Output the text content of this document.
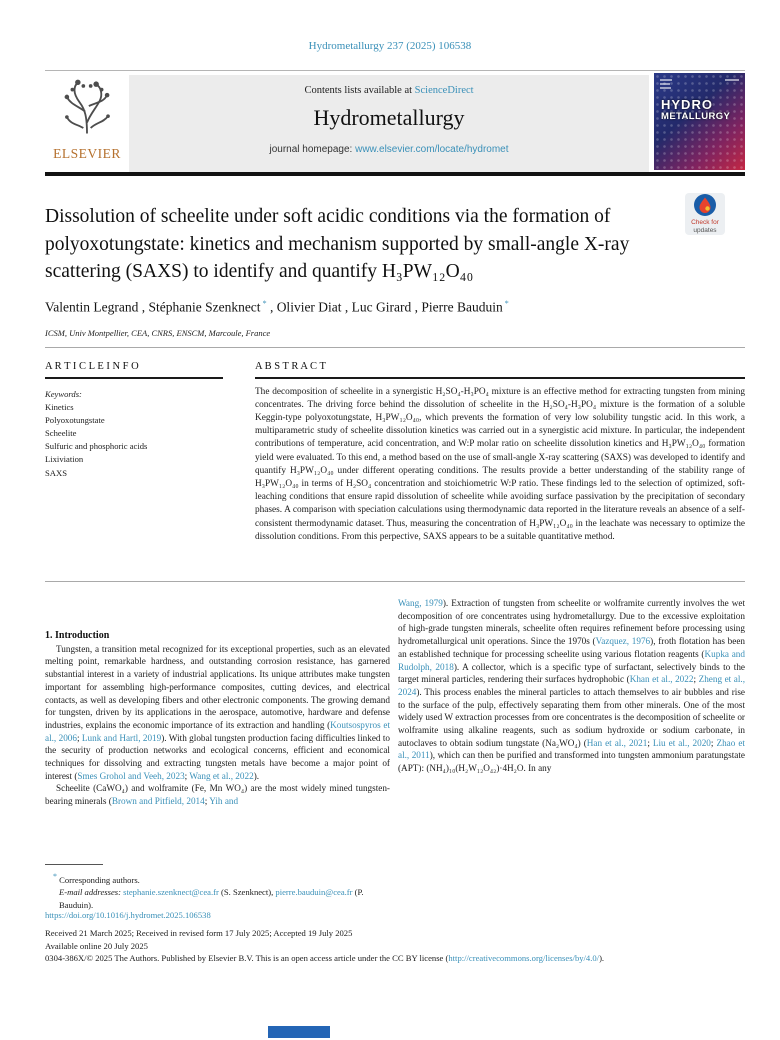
Hydrometallurgy 237 (2025) 106538
ELSEVIER
Contents lists available at ScienceDirect
Hydrometallurgy
journal homepage: www.elsevier.com/locate/hydromet
HYDRO
METALLURGY
Dissolution of scheelite under soft acidic conditions via the formation of polyoxotungstate: kinetics and mechanism supported by small-angle X-ray scattering (SAXS) to identify and quantify H₃PW₁₂O₄₀
Check for
updates
Valentin Legrand , Stéphanie Szenknect * , Olivier Diat , Luc Girard , Pierre Bauduin *
ICSM, Univ Montpellier, CEA, CNRS, ENSCM, Marcoule, France
A R T I C L E I N F O
Keywords:
Kinetics
Polyoxotungstate
Scheelite
Sulfuric and phosphoric acids
Lixiviation
SAXS
A B S T R A C T
The decomposition of scheelite in a synergistic H₂SO₄-H₃PO₄ mixture is an effective method for extracting tungsten from mining concentrates. The driving force behind the dissolution of scheelite in the H₂SO₄-H₃PO₄ mixture is the formation of a soluble Keggin-type polyoxotungstate, H₃PW₁₂O₄₀, which prevents the formation of very low solubility tungstic acid. In this work, a multiparametric study of scheelite dissolution kinetics was carried out in a synergistic acid mixture. In particular, the independent contributions of temperature, acid concentration, and W:P molar ratio on scheelite dissolution kinetics and H₃PW₁₂O₄₀ formation yield were evaluated. To this end, a method based on the use of small-angle X-ray scattering (SAXS) was developed to identify and quantify H₃PW₁₂O₄₀ under different operating conditions. The results provide a better understanding of the stability range of H₃PW₁₂O₄₀ in terms of H₂SO₄ concentration and stoichiometric W:P ratio. These findings led to the selection of optimized, soft-leaching conditions that ensure rapid dissolution of scheelite while avoiding surface passivation by the precipitation of secondary phases. A comparison with speciation calculations using thermodynamic data reported in the literature reveals an absence of a self-consistent thermodynamic dataset. Thus, measuring the concentration of H₃PW₁₂O₄₀ in the leachate was necessary to optimize the dissolution conditions. From this perpective, SAXS appears to be a suitable quantitative method.
1. Introduction

Tungsten, a transition metal recognized for its exceptional properties, such as an elevated melting point, remarkable hardness, and outstanding corrosion resistance, has garnered substantial interest in a variety of industrial applications. Its unique attributes make tungsten important for assembling high-performance composites, cutting devices, and electrical contacts, as well as developing fibers and other electronic components. The growing demand for tungsten, driven by its applications in the aerospace, automotive, hardware and defense industries, explains the economic importance of its extraction and handling (Koutsospyros et al., 2006; Lunk and Hartl, 2019). With global tungsten production facing difficulties linked to the security of production networks and ecological concerns, efficient and economical techniques for dissolving and extracting tungsten metals have become a major point of interest (Smes Grohol and Veeh, 2023; Wang et al., 2022).

Scheelite (CaWO₄) and wolframite (Fe, Mn WO₄) are the most widely mined tungsten-bearing minerals (Brown and Pitfield, 2014; Yih and

Wang, 1979). Extraction of tungsten from scheelite or wolframite currently involves the wet decomposition of ore concentrates using hydrometallurgy. Due to the excessive exploitation of high-grade tungsten minerals, scheelite often requires refinement before processing using hydrometallurgical unit operations. Since the 1970s (Vazquez, 1976), froth flotation has been an established technique for processing scheelite using various flotation reagents (Kupka and Rudolph, 2018). A collector, which is a specific type of surfactant, selectively binds to the target mineral particles, rendering their surfaces hydrophobic (Khan et al., 2022; Zheng et al., 2024). This process enables the mineral particles to attach themselves to air bubbles and rise to the surface of the pulp, effectively separating them from other minerals. One of the most widely used W extraction processes from ore concentrates is the decomposition of scheelite or wolframite using alkaline reagents, such as sodium hydroxide or sodium carbonate, in autoclaves to obtain sodium tungstate (Na₂WO₄) (Han et al., 2021; Liu et al., 2020; Zhao et al., 2011), which can then be purified and transformed into tungsten ammonium paratungstate (APT): (NH₄)₁₀(H₂W₁₂O₄₂)·4H₂O. In any

* Corresponding authors.
E-mail addresses: stephanie.szenknect@cea.fr (S. Szenknect), pierre.bauduin@cea.fr (P. Bauduin).
https://doi.org/10.1016/j.hydromet.2025.106538
Received 21 March 2025; Received in revised form 17 July 2025; Accepted 19 July 2025
Available online 20 July 2025
0304-386X/© 2025 The Authors. Published by Elsevier B.V. This is an open access article under the CC BY license (http://creativecommons.org/licenses/by/4.0/).
